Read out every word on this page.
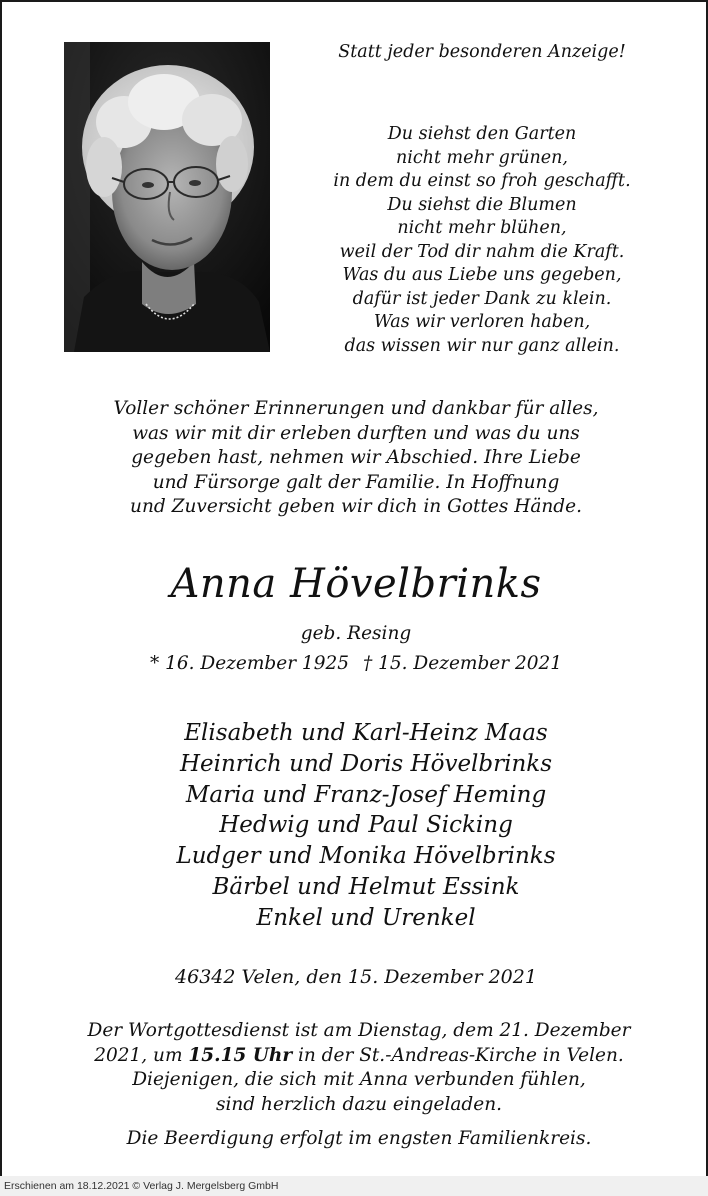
Statt jeder besonderen Anzeige!
Du siehst den Garten
nicht mehr grünen,
in dem du einst so froh geschafft.
Du siehst die Blumen
nicht mehr blühen,
weil der Tod dir nahm die Kraft.
Was du aus Liebe uns gegeben,
dafür ist jeder Dank zu klein.
Was wir verloren haben,
das wissen wir nur ganz allein.
Voller schöner Erinnerungen und dankbar für alles,
was wir mit dir erleben durften und was du uns
gegeben hast, nehmen wir Abschied. Ihre Liebe
und Fürsorge galt der Familie. In Hoffnung
und Zuversicht geben wir dich in Gottes Hände.
Anna Hövelbrinks
geb. Resing
* 16. Dezember 1925 † 15. Dezember 2021
Elisabeth und Karl-Heinz Maas
Heinrich und Doris Hövelbrinks
Maria und Franz-Josef Heming
Hedwig und Paul Sicking
Ludger und Monika Hövelbrinks
Bärbel und Helmut Essink
Enkel und Urenkel
46342 Velen, den 15. Dezember 2021
Der Wortgottesdienst ist am Dienstag, dem 21. Dezember
2021, um 15.15 Uhr in der St.-Andreas-Kirche in Velen.
Diejenigen, die sich mit Anna verbunden fühlen,
sind herzlich dazu eingeladen.
Die Beerdigung erfolgt im engsten Familienkreis.
Erschienen am 18.12.2021 © Verlag J. Mergelsberg GmbH
